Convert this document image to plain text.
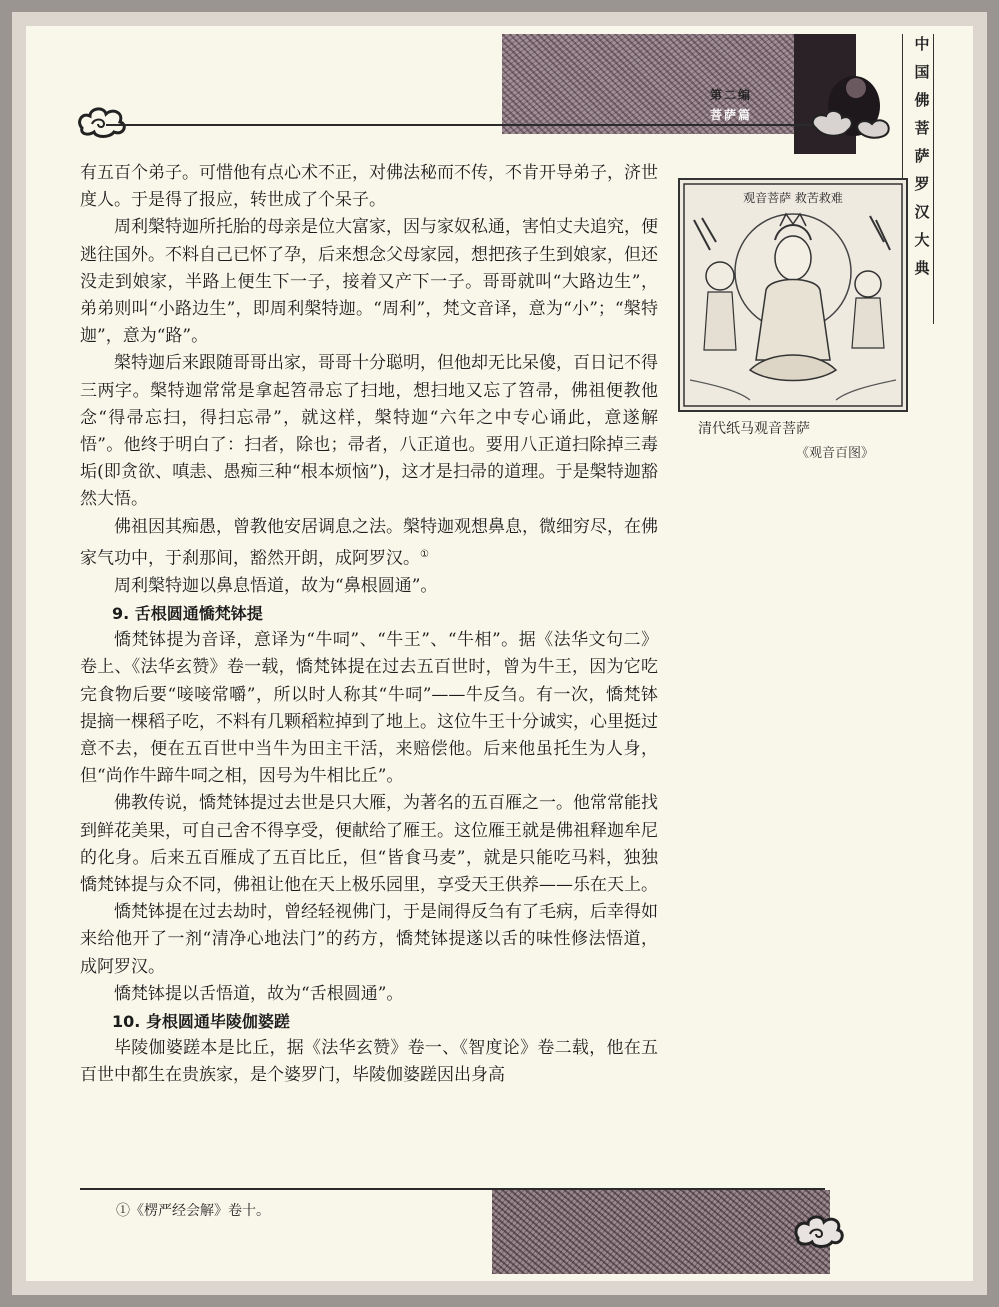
第二编
菩萨篇
中国佛菩萨罗汉大典

有五百个弟子。可惜他有点心术不正，对佛法秘而不传，不肯开导弟子，济世度人。于是得了报应，转世成了个呆子。

周利槃特迦所托胎的母亲是位大富家，因与家奴私通，害怕丈夫追究，便逃往国外。不料自己已怀了孕，后来想念父母家园，想把孩子生到娘家，但还没走到娘家，半路上便生下一子，接着又产下一子。哥哥就叫“大路边生”，弟弟则叫“小路边生”，即周利槃特迦。“周利”，梵文音译，意为“小”；“槃特迦”，意为“路”。

槃特迦后来跟随哥哥出家，哥哥十分聪明，但他却无比呆傻，百日记不得三两字。槃特迦常常是拿起笤帚忘了扫地，想扫地又忘了笤帚，佛祖便教他念“得帚忘扫，得扫忘帚”，就这样，槃特迦“六年之中专心诵此，意遂解悟”。他终于明白了：扫者，除也；帚者，八正道也。要用八正道扫除掉三毒垢(即贪欲、嗔恚、愚痴三种“根本烦恼”)，这才是扫帚的道理。于是槃特迦豁然大悟。

佛祖因其痴愚，曾教他安居调息之法。槃特迦观想鼻息，微细穷尽，在佛家气功中，于刹那间，豁然开朗，成阿罗汉。①

周利槃特迦以鼻息悟道，故为“鼻根圆通”。

9. 舌根圆通憍梵钵提

憍梵钵提为音译，意译为“牛呞”、“牛王”、“牛相”。据《法华文句二》卷上、《法华玄赞》卷一载，憍梵钵提在过去五百世时，曾为牛王，因为它吃完食物后要“唼唼常嚼”，所以时人称其“牛呞”——牛反刍。有一次，憍梵钵提摘一棵稻子吃，不料有几颗稻粒掉到了地上。这位牛王十分诚实，心里挺过意不去，便在五百世中当牛为田主干活，来赔偿他。后来他虽托生为人身，但“尚作牛蹄牛呞之相，因号为牛相比丘”。

佛教传说，憍梵钵提过去世是只大雁，为著名的五百雁之一。他常常能找到鲜花美果，可自己舍不得享受，便献给了雁王。这位雁王就是佛祖释迦牟尼的化身。后来五百雁成了五百比丘，但“皆食马麦”，就是只能吃马料，独独憍梵钵提与众不同，佛祖让他在天上极乐园里，享受天王供养——乐在天上。

憍梵钵提在过去劫时，曾经轻视佛门，于是闹得反刍有了毛病，后幸得如来给他开了一剂“清净心地法门”的药方，憍梵钵提遂以舌的味性修法悟道，成阿罗汉。

憍梵钵提以舌悟道，故为“舌根圆通”。

10. 身根圆通毕陵伽婆蹉

毕陵伽婆蹉本是比丘，据《法华玄赞》卷一、《智度论》卷二载，他在五百世中都生在贵族家，是个婆罗门，毕陵伽婆蹉因出身高

观音菩萨 救苦救难
清代纸马观音菩萨
《观音百图》
①《楞严经会解》卷十。
